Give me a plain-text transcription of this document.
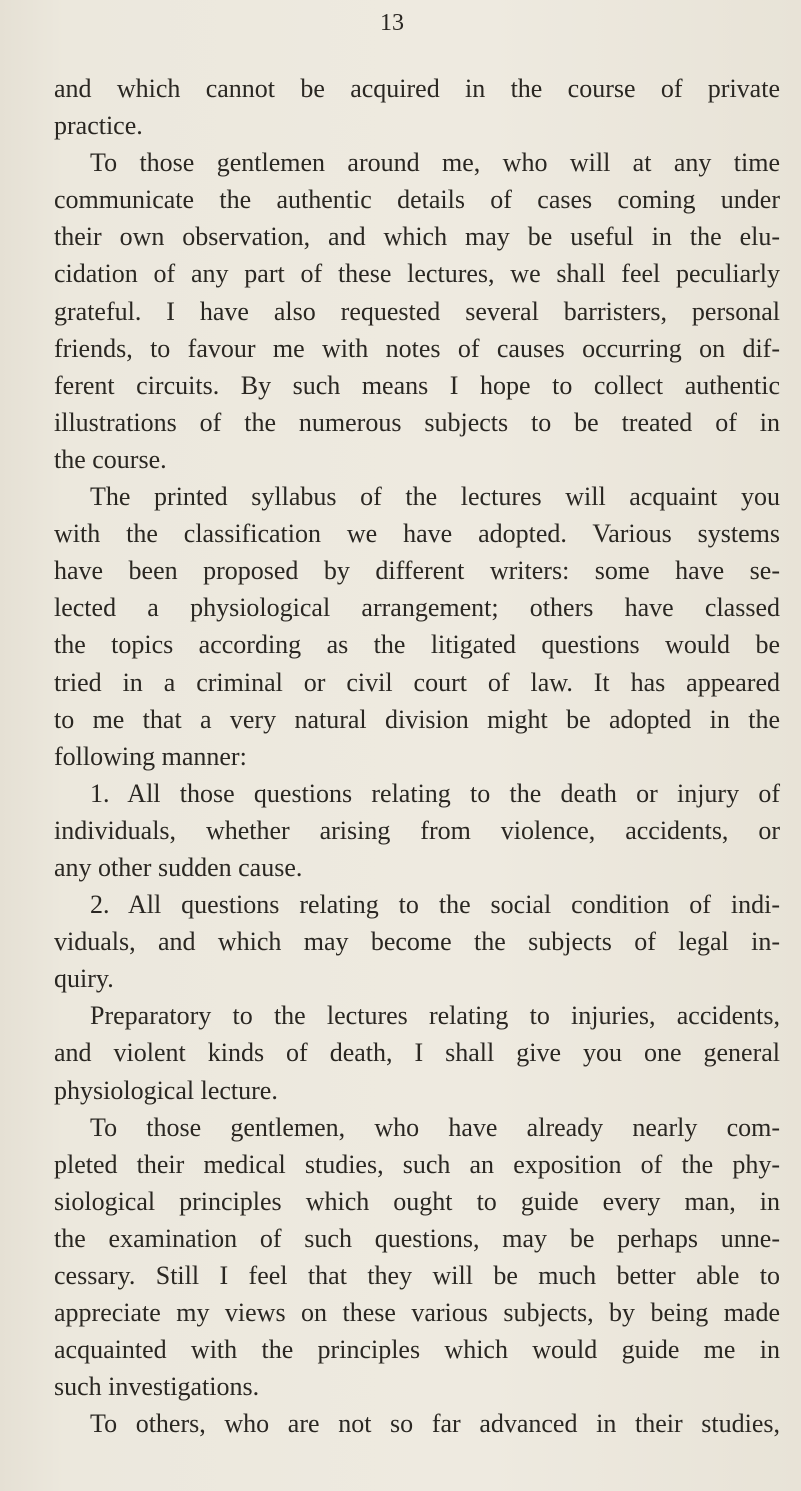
13
and which cannot be acquired in the course of private
practice.
To those gentlemen around me, who will at any time
communicate the authentic details of cases coming under
their own observation, and which may be useful in the elu-
cidation of any part of these lectures, we shall feel peculiarly
grateful. I have also requested several barristers, personal
friends, to favour me with notes of causes occurring on dif-
ferent circuits. By such means I hope to collect authentic
illustrations of the numerous subjects to be treated of in
the course.
The printed syllabus of the lectures will acquaint you
with the classification we have adopted. Various systems
have been proposed by different writers: some have se-
lected a physiological arrangement; others have classed
the topics according as the litigated questions would be
tried in a criminal or civil court of law. It has appeared
to me that a very natural division might be adopted in the
following manner:
1. All those questions relating to the death or injury of
individuals, whether arising from violence, accidents, or
any other sudden cause.
2. All questions relating to the social condition of indi-
viduals, and which may become the subjects of legal in-
quiry.
Preparatory to the lectures relating to injuries, accidents,
and violent kinds of death, I shall give you one general
physiological lecture.
To those gentlemen, who have already nearly com-
pleted their medical studies, such an exposition of the phy-
siological principles which ought to guide every man, in
the examination of such questions, may be perhaps unne-
cessary. Still I feel that they will be much better able to
appreciate my views on these various subjects, by being made
acquainted with the principles which would guide me in
such investigations.
To others, who are not so far advanced in their studies,
